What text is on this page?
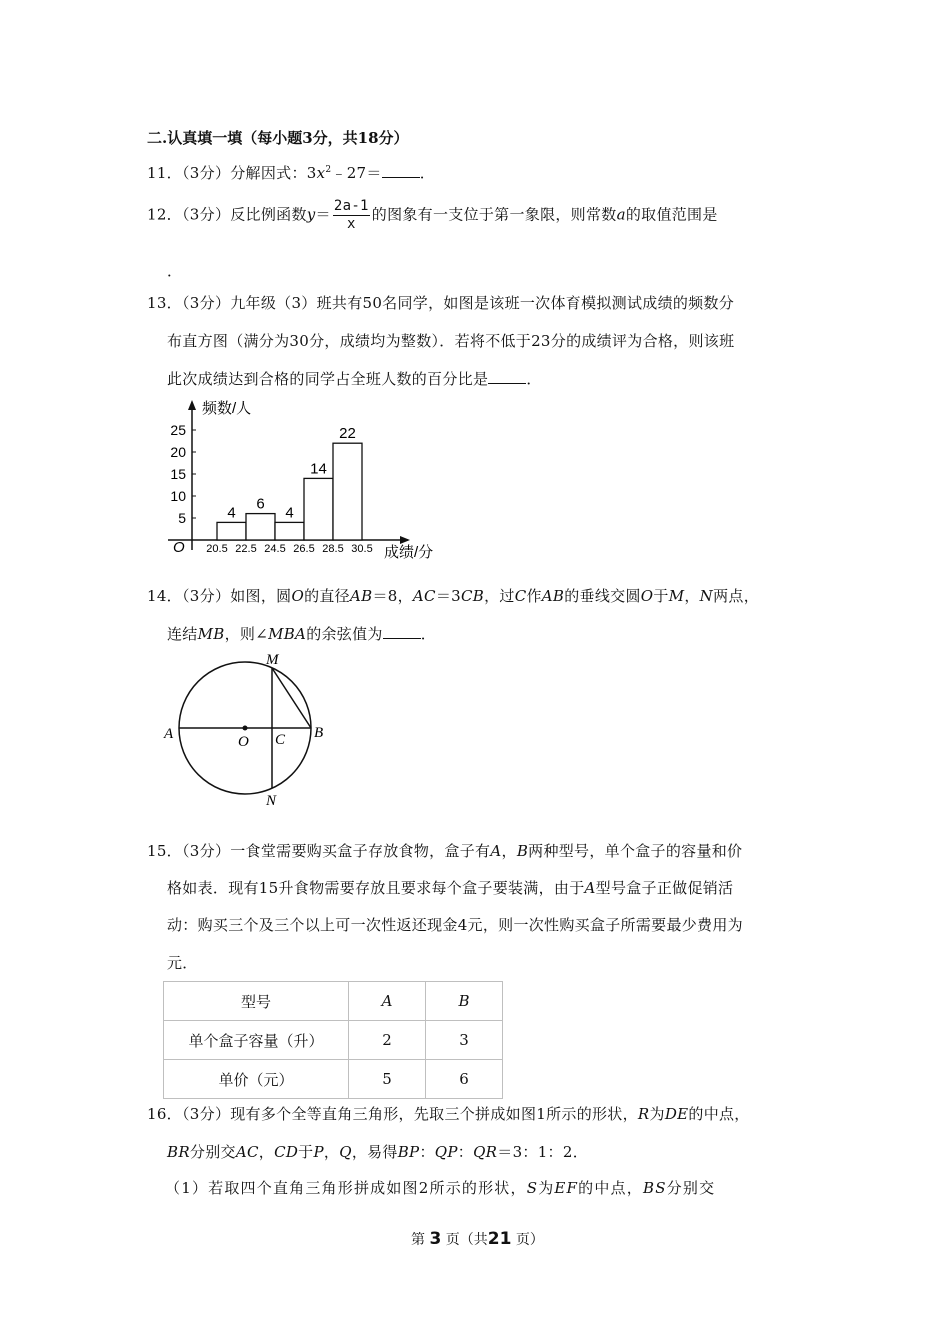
二.认真填一填（每小题3分，共18分）
11．（3分）分解因式：$3x^2﹣27=$	．
12．（3分）反比例函数$y= \frac{2a-1}{x}$ 的图象有一支位于第一象限，则常数a的取值范围是
．
13．（3分）九年级（3）班共有50名同学，如图是该班一次体育模拟测试成绩的频数分
布直方图（满分为30分，成绩均为整数）．若将不低于23分的成绩评为合格，则该班
此次成绩达到合格的同学占全班人数的百分比是	．
频数/人
成绩/分
O
25
20
15
10
5	4
6
4
14
22
20.5 22.5 24.5 26.5 28.5 30.5
14．（3分）如图，圆O的直径AB＝8，AC＝3CB，过C作AB的垂线交圆O于M，N两点，
连结MB，则∠MBA的余弦值为	．
A	O C B
M
N
15．（3分）一食堂需要购买盒子存放食物，盒子有A，B两种型号，单个盒子的容量和价
格如表．现有15升食物需要存放且要求每个盒子要装满，由于A型号盒子正做促销活
动：购买三个及三个以上可一次性返还现金4元，则一次性购买盒子所需要最少费用为
元．
型号	A	B
单个盒子容量（升）	2	3
单价（元）	5	6
16．（3分）现有多个全等直角三角形，先取三个拼成如图1所示的形状，R为DE的中点，
BR分别交AC，CD于P，Q，易得BP：QP：QR＝3：1：2．
（1）若取四个直角三角形拼成如图2所示的形状，S为EF的中点，BS分别交
第 3 页（共21 页）
